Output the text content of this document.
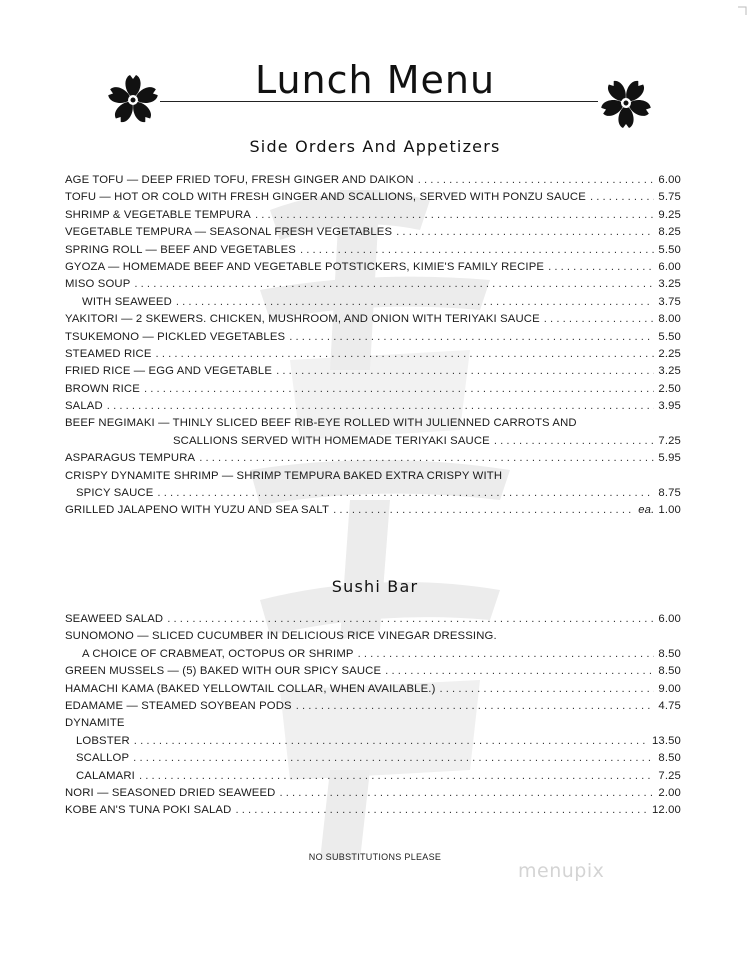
Lunch Menu
Side Orders And Appetizers
AGE TOFU — DEEP FRIED TOFU, FRESH GINGER AND DAIKON . . .	6.00
TOFU — HOT OR COLD WITH FRESH GINGER AND SCALLIONS, SERVED WITH PONZU SAUCE . . .	5.75
SHRIMP & VEGETABLE TEMPURA . . .	9.25
VEGETABLE TEMPURA — SEASONAL FRESH VEGETABLES . . .	8.25
SPRING ROLL — BEEF AND VEGETABLES . . .	5.50
GYOZA — HOMEMADE BEEF AND VEGETABLE POTSTICKERS, KIMIE'S FAMILY RECIPE . . .	6.00
MISO SOUP . . .	3.25
WITH SEAWEED . . .	3.75
YAKITORI — 2 SKEWERS. CHICKEN, MUSHROOM, AND ONION WITH TERIYAKI SAUCE . . .	8.00
TSUKEMONO — PICKLED VEGETABLES . . .	5.50
STEAMED RICE . . .	2.25
FRIED RICE — EGG AND VEGETABLE . . .	3.25
BROWN RICE . . .	2.50
SALAD . . .	3.95
BEEF NEGIMAKI — THINLY SLICED BEEF RIB-EYE ROLLED WITH JULIENNED CARROTS AND
SCALLIONS SERVED WITH HOMEMADE TERIYAKI SAUCE . . .	7.25
ASPARAGUS TEMPURA . . .	5.95
CRISPY DYNAMITE SHRIMP — SHRIMP TEMPURA BAKED EXTRA CRISPY WITH
SPICY SAUCE . . .	8.75
GRILLED JALAPENO WITH YUZU AND SEA SALT . . .	ea. 1.00
Sushi Bar
SEAWEED SALAD . . .	6.00
SUNOMONO — SLICED CUCUMBER IN DELICIOUS RICE VINEGAR DRESSING.
A CHOICE OF CRABMEAT, OCTOPUS OR SHRIMP . . .	8.50
GREEN MUSSELS — (5) BAKED WITH OUR SPICY SAUCE . . .	8.50
HAMACHI KAMA (BAKED YELLOWTAIL COLLAR, WHEN AVAILABLE.) . . .	9.00
EDAMAME — STEAMED SOYBEAN PODS . . .	4.75
DYNAMITE
LOBSTER . . .	13.50
SCALLOP . . .	8.50
CALAMARI . . .	7.25
NORI — SEASONED DRIED SEAWEED . . .	2.00
KOBE AN'S TUNA POKI SALAD . . .	12.00
NO SUBSTITUTIONS PLEASE
menupix
